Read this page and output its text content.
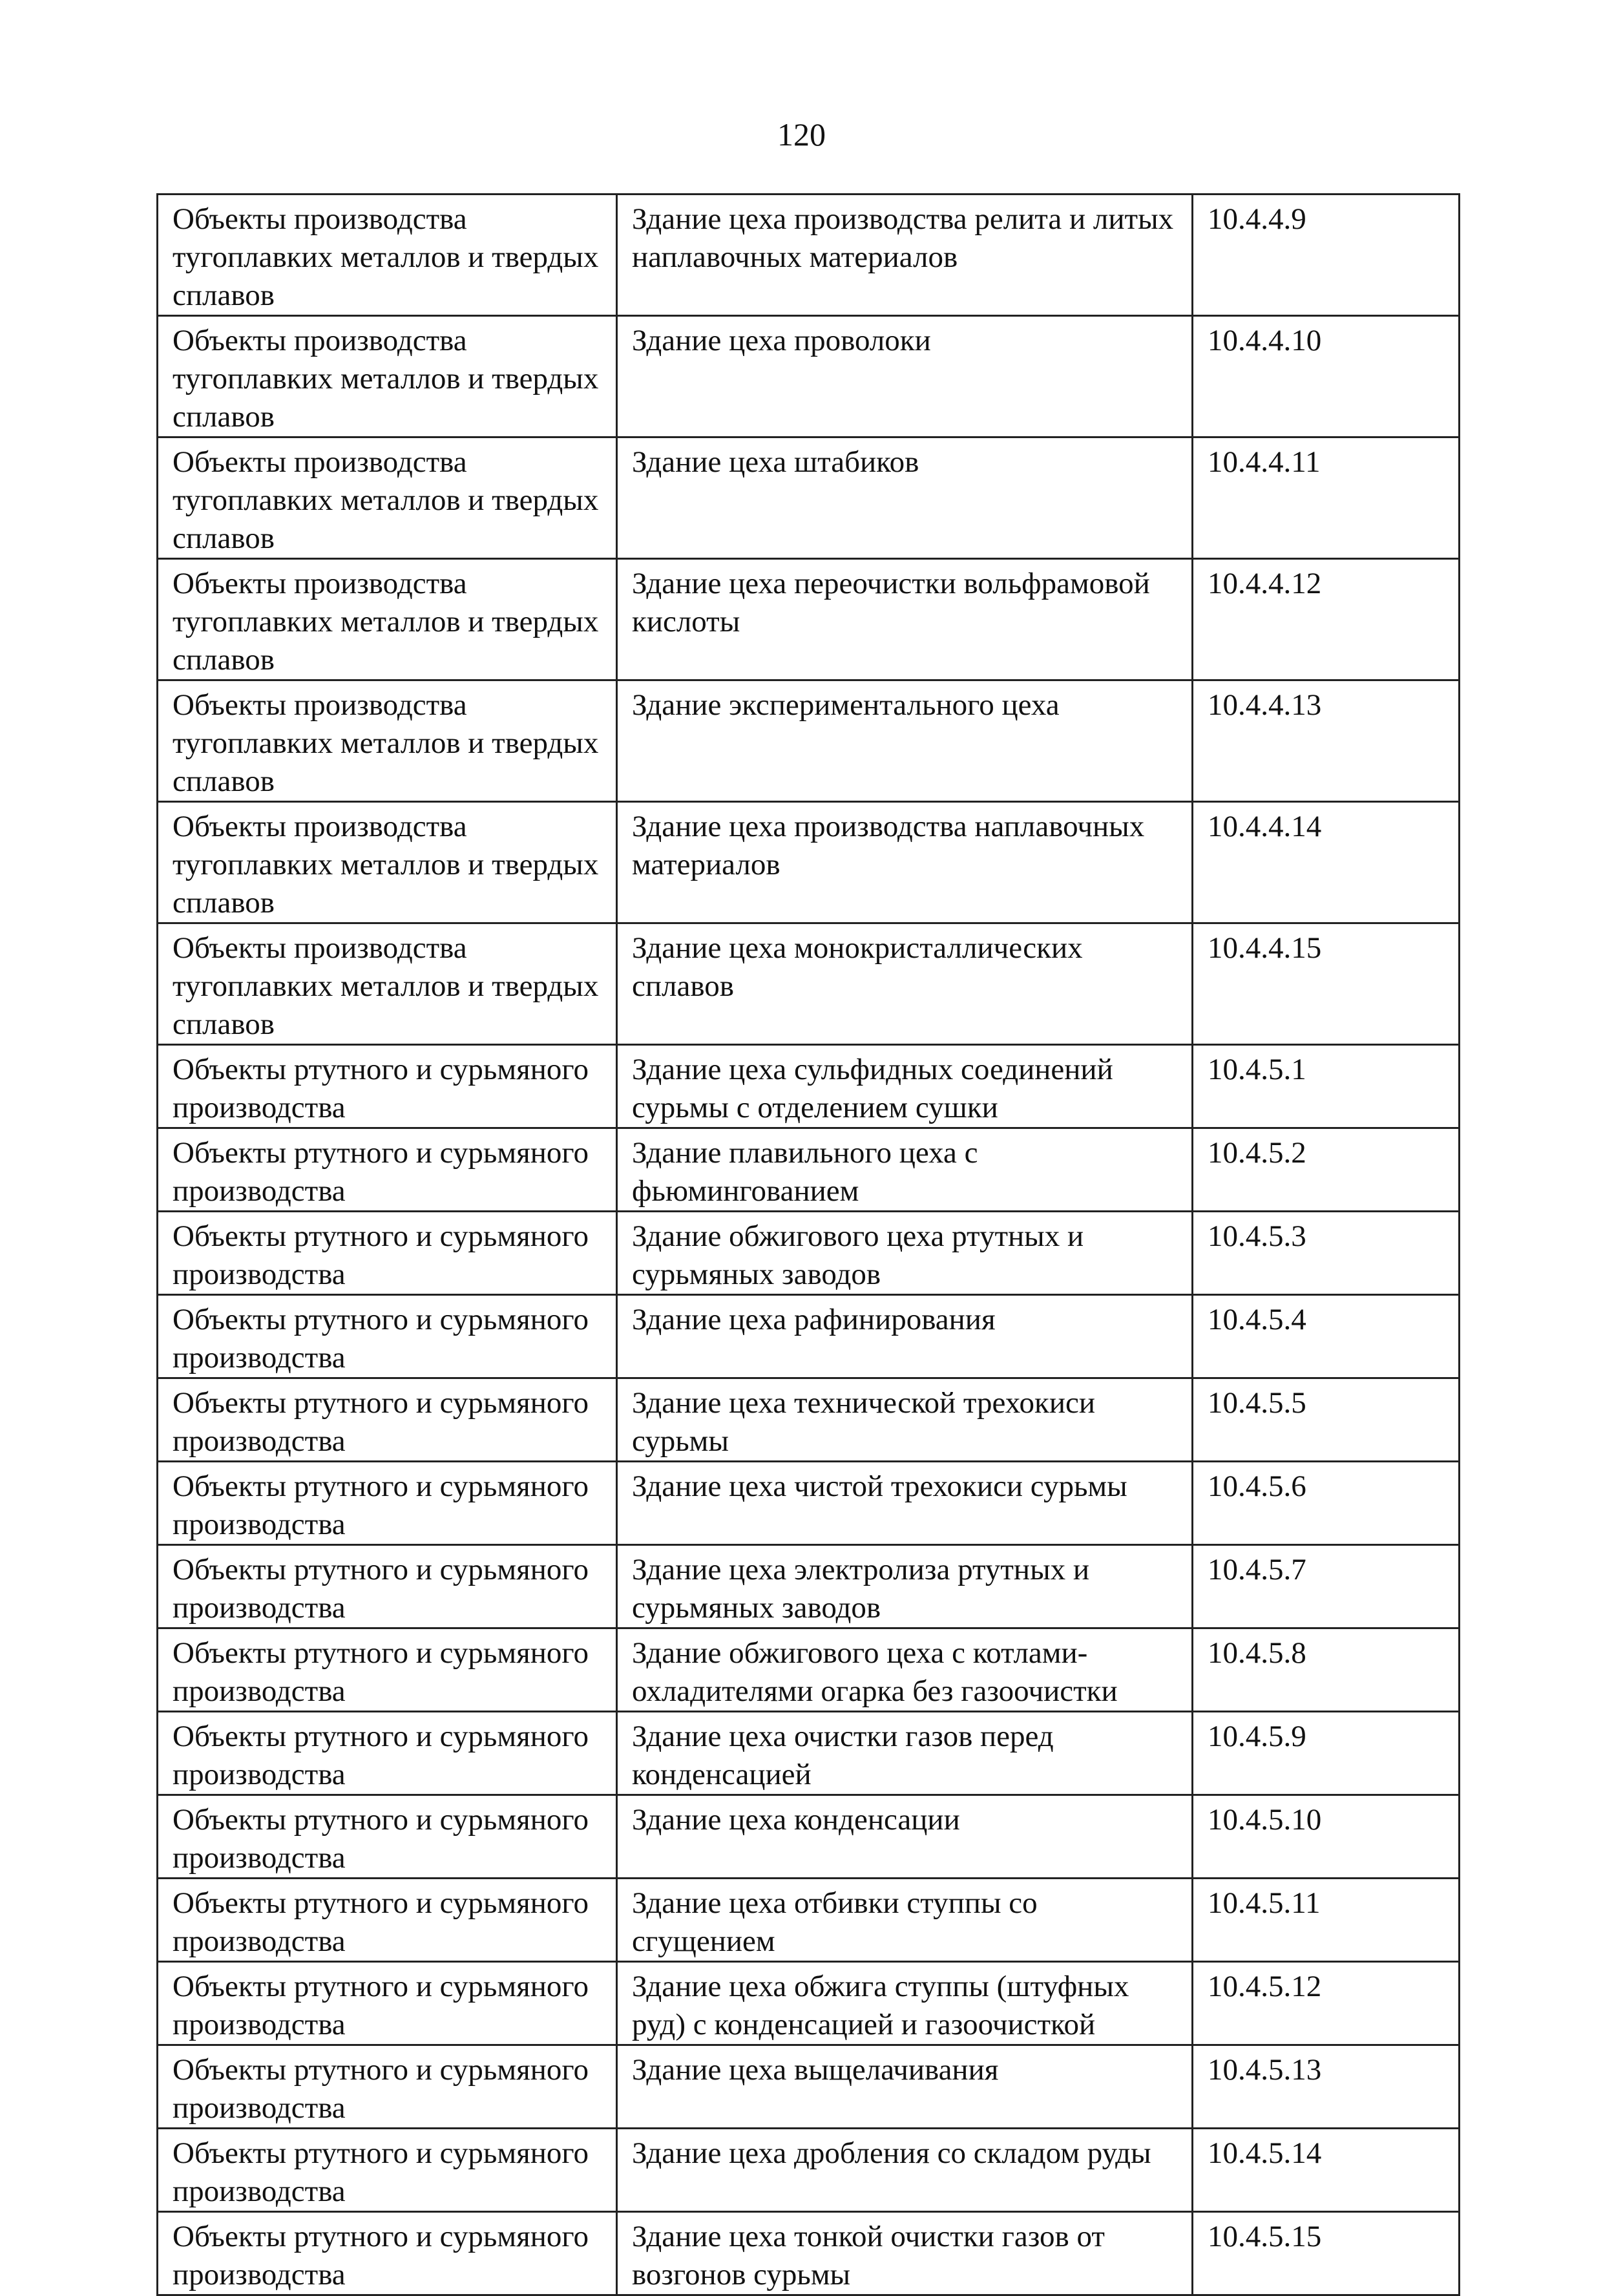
120
Объекты производства тугоплавких металлов и твердых сплавов	Здание цеха производства релита и литых наплавочных материалов	10.4.4.9
Объекты производства тугоплавких металлов и твердых сплавов	Здание цеха проволоки	10.4.4.10
Объекты производства тугоплавких металлов и твердых сплавов	Здание цеха штабиков	10.4.4.11
Объекты производства тугоплавких металлов и твердых сплавов	Здание цеха переочистки вольфрамовой кислоты	10.4.4.12
Объекты производства тугоплавких металлов и твердых сплавов	Здание экспериментального цеха	10.4.4.13
Объекты производства тугоплавких металлов и твердых сплавов	Здание цеха производства наплавочных материалов	10.4.4.14
Объекты производства тугоплавких металлов и твердых сплавов	Здание цеха монокристаллических сплавов	10.4.4.15
Объекты ртутного и сурьмяного производства	Здание цеха сульфидных соединений сурьмы с отделением сушки	10.4.5.1
Объекты ртутного и сурьмяного производства	Здание плавильного цеха с фьюмингованием	10.4.5.2
Объекты ртутного и сурьмяного производства	Здание обжигового цеха ртутных и сурьмяных заводов	10.4.5.3
Объекты ртутного и сурьмяного производства	Здание цеха рафинирования	10.4.5.4
Объекты ртутного и сурьмяного производства	Здание цеха технической трехокиси сурьмы	10.4.5.5
Объекты ртутного и сурьмяного производства	Здание цеха чистой трехокиси сурьмы	10.4.5.6
Объекты ртутного и сурьмяного производства	Здание цеха электролиза ртутных и сурьмяных заводов	10.4.5.7
Объекты ртутного и сурьмяного производства	Здание обжигового цеха с котлами-охладителями огарка без газоочистки	10.4.5.8
Объекты ртутного и сурьмяного производства	Здание цеха очистки газов перед конденсацией	10.4.5.9
Объекты ртутного и сурьмяного производства	Здание цеха конденсации	10.4.5.10
Объекты ртутного и сурьмяного производства	Здание цеха отбивки ступпы со сгущением	10.4.5.11
Объекты ртутного и сурьмяного производства	Здание цеха обжига ступпы (штуфных руд) с конденсацией и газоочисткой	10.4.5.12
Объекты ртутного и сурьмяного производства	Здание цеха выщелачивания	10.4.5.13
Объекты ртутного и сурьмяного производства	Здание цеха дробления со складом руды	10.4.5.14
Объекты ртутного и сурьмяного производства	Здание цеха тонкой очистки газов от возгонов сурьмы	10.4.5.15
